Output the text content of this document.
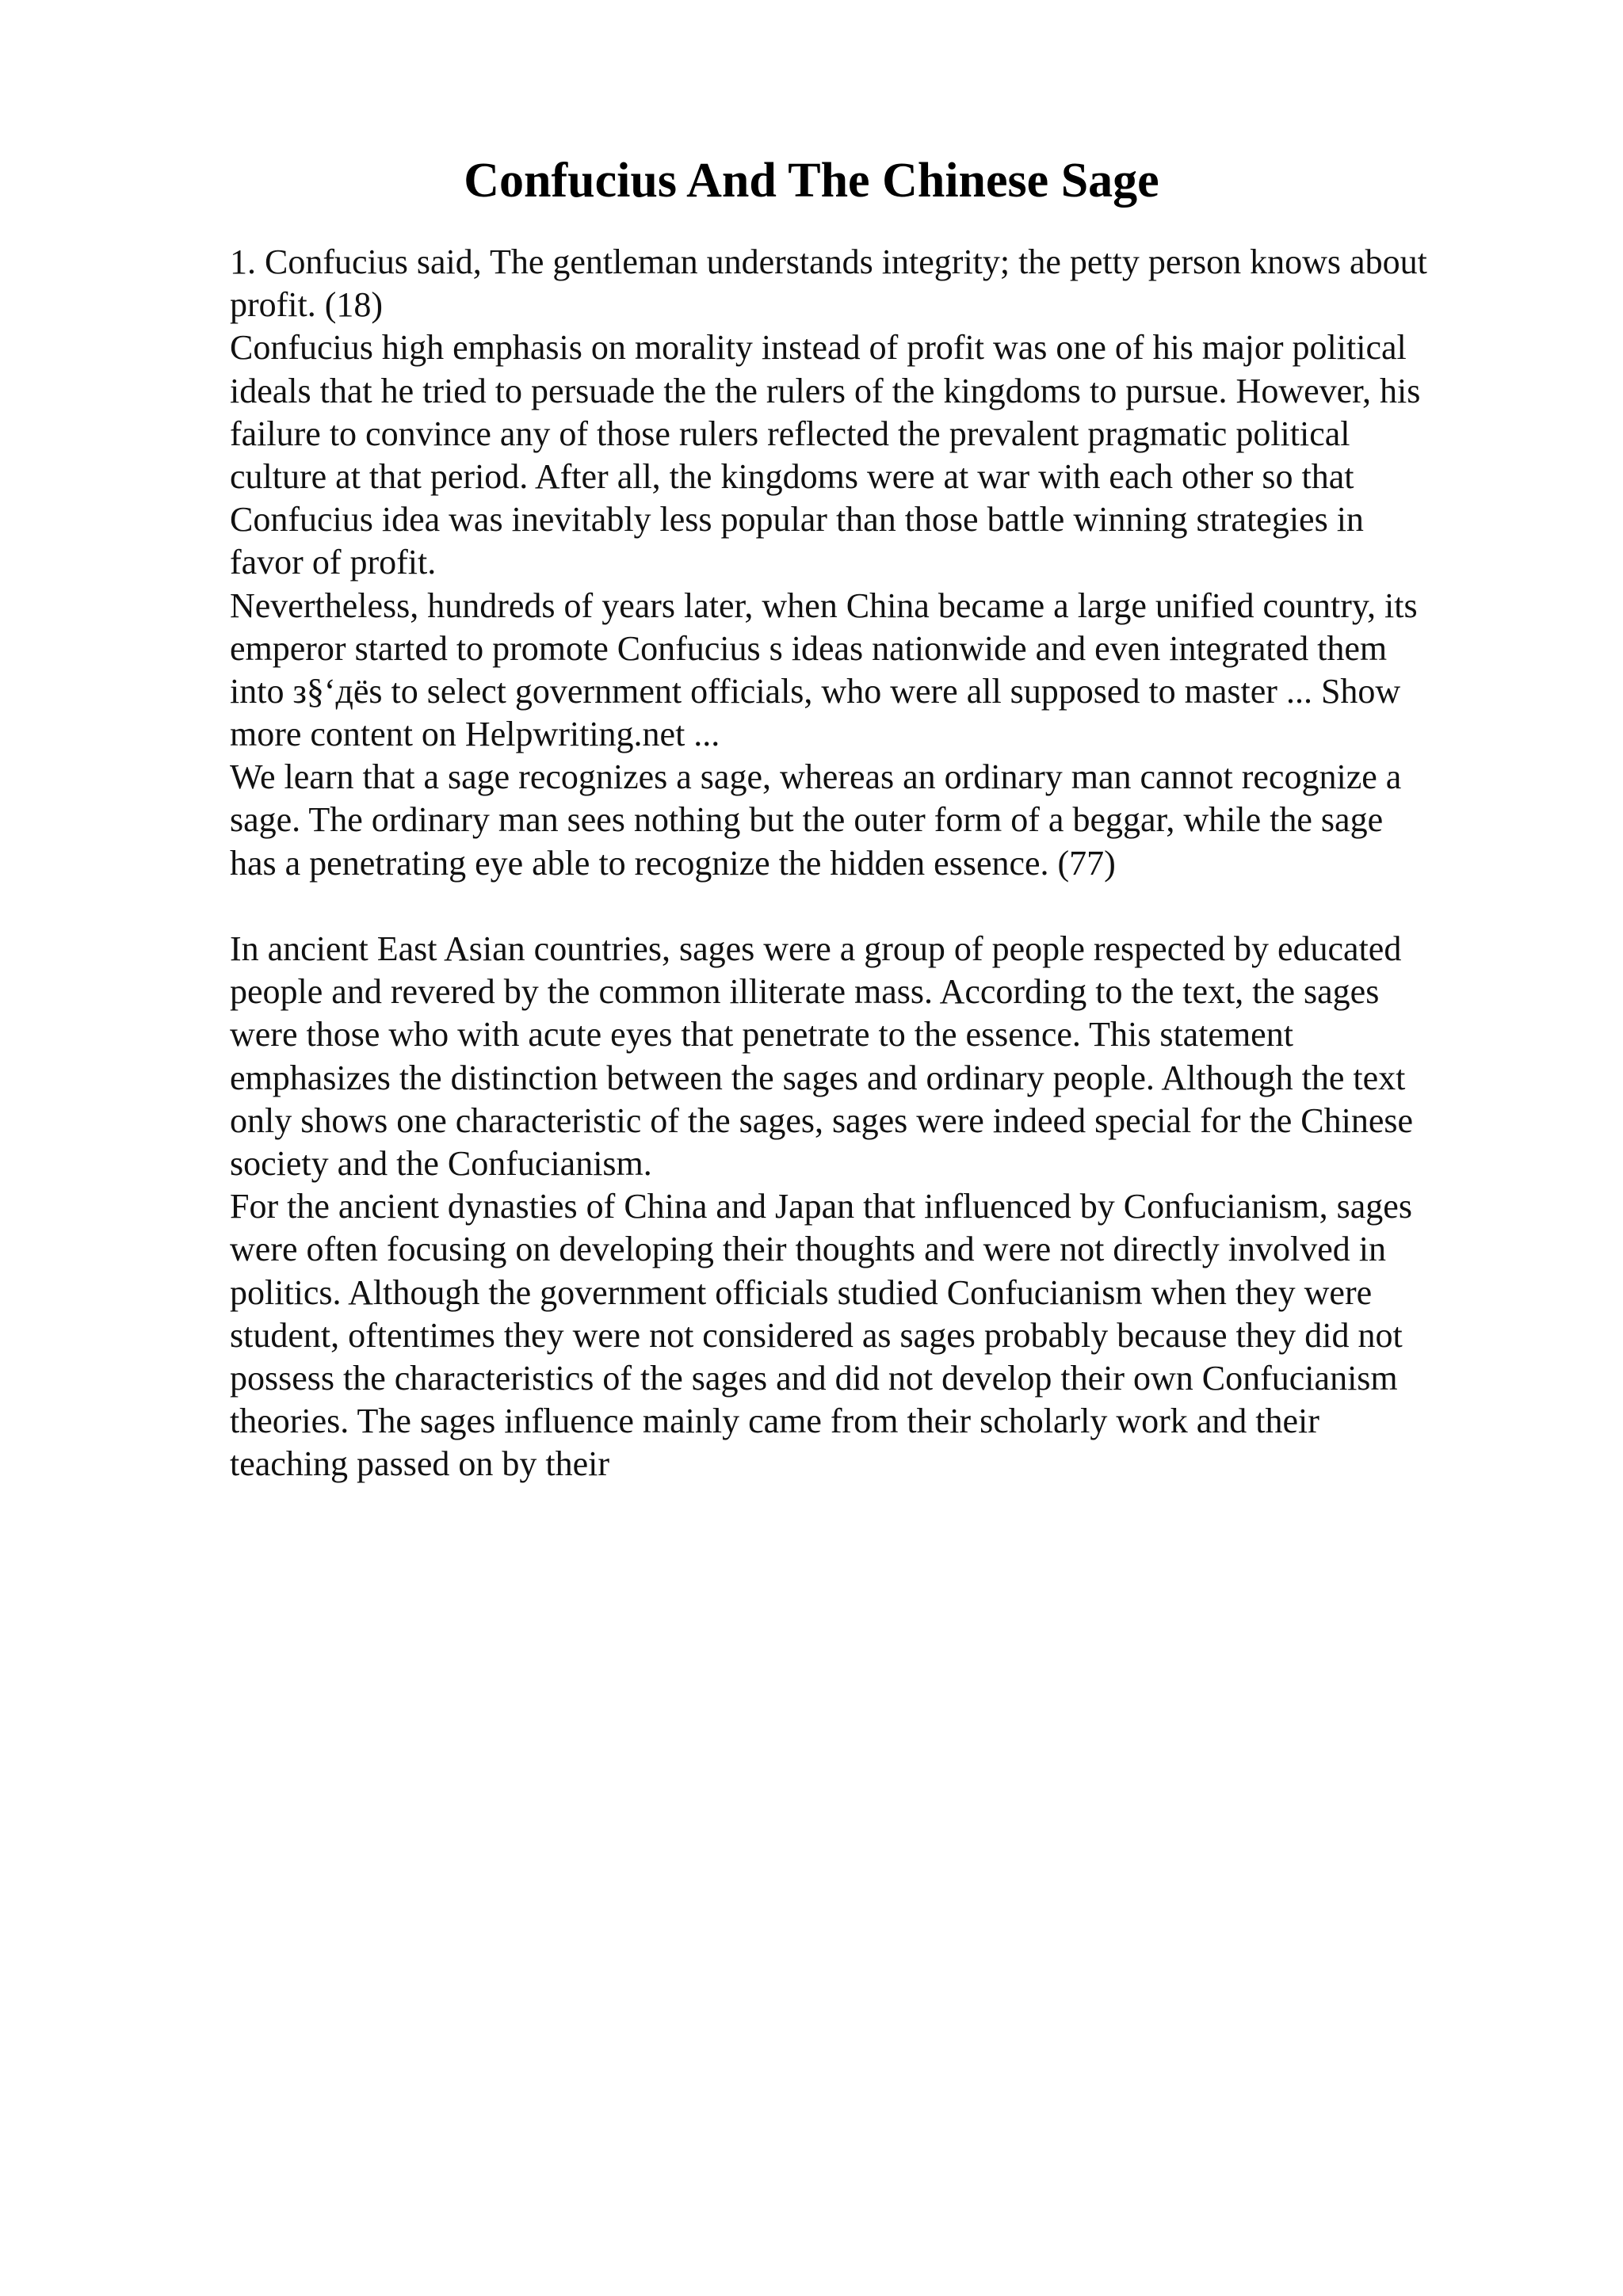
Confucius And The Chinese Sage
1. Confucius said, The gentleman understands integrity; the petty person knows about
profit. (18)
Confucius high emphasis on morality instead of profit was one of his major political
ideals that he tried to persuade the the rulers of the kingdoms to pursue. However, his
failure to convince any of those rulers reflected the prevalent pragmatic political
culture at that period. After all, the kingdoms were at war with each other so that
Confucius idea was inevitably less popular than those battle winning strategies in
favor of profit.
Nevertheless, hundreds of years later, when China became a large unified country, its
emperor started to promote Confucius s ideas nationwide and even integrated them
into з§‘дёѕ to select government officials, who were all supposed to master ... Show
more content on Helpwriting.net ...
We learn that a sage recognizes a sage, whereas an ordinary man cannot recognize a
sage. The ordinary man sees nothing but the outer form of a beggar, while the sage
has a penetrating eye able to recognize the hidden essence. (77)
In ancient East Asian countries, sages were a group of people respected by educated
people and revered by the common illiterate mass. According to the text, the sages
were those who with acute eyes that penetrate to the essence. This statement
emphasizes the distinction between the sages and ordinary people. Although the text
only shows one characteristic of the sages, sages were indeed special for the Chinese
society and the Confucianism.
For the ancient dynasties of China and Japan that influenced by Confucianism, sages
were often focusing on developing their thoughts and were not directly involved in
politics. Although the government officials studied Confucianism when they were
student, oftentimes they were not considered as sages probably because they did not
possess the characteristics of the sages and did not develop their own Confucianism
theories. The sages influence mainly came from their scholarly work and their
teaching passed on by their
